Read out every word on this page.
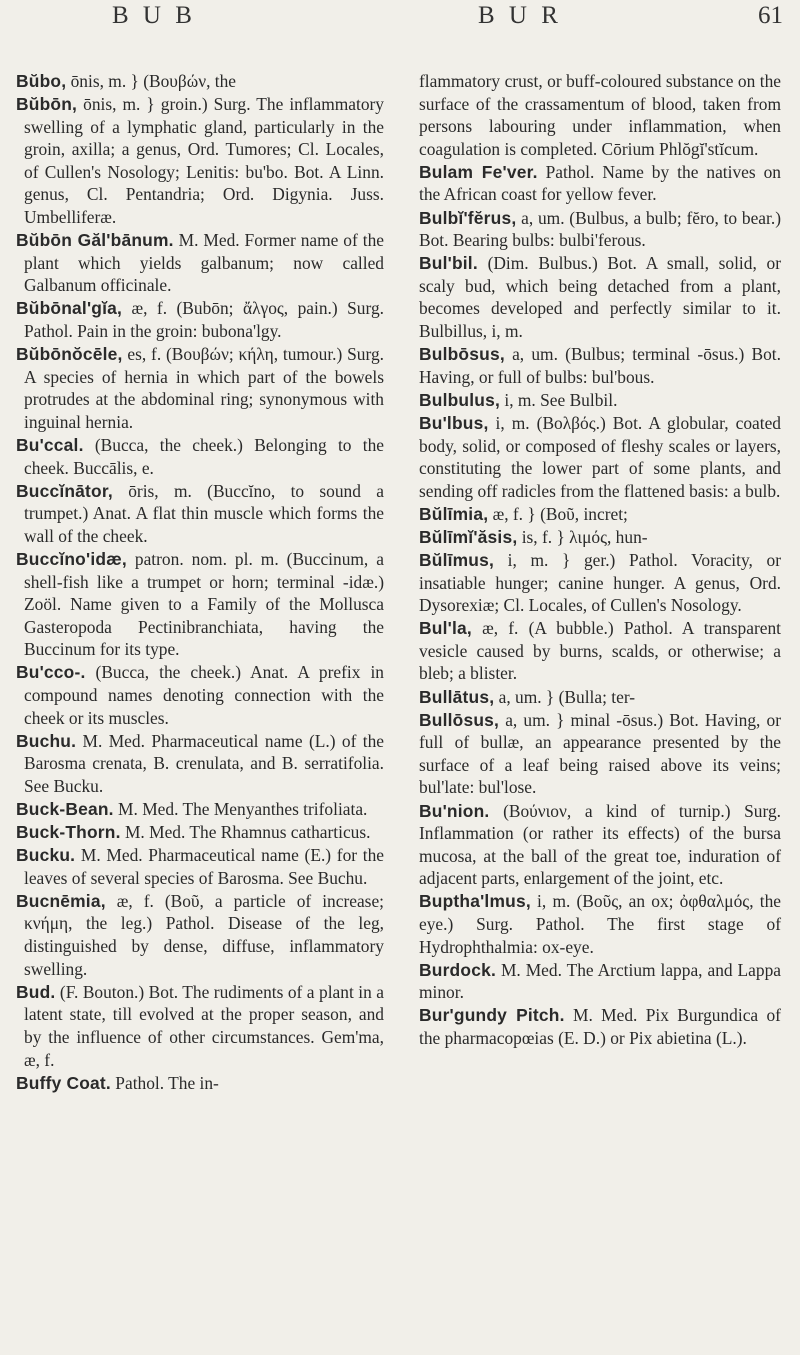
B U B	B U R	61
Bŭbo, ōnis, m. } (Βουβών, the
Bŭbōn, ōnis, m. } groin.) Surg. The inflammatory swelling of a lymphatic gland, particularly in the groin, axilla; a genus, Ord. Tumores; Cl. Locales, of Cullen's Nosology; Lenitis: bu'bo. Bot. A Linn. genus, Cl. Pentandria; Ord. Digynia. Juss. Umbelliferæ.
Bŭbōn Găl'bānum. M. Med. Former name of the plant which yields galbanum; now called Galbanum officinale.
Bŭbōnal'gĭa, æ, f. (Bubōn; ἄλγος, pain.) Surg. Pathol. Pain in the groin: bubona'lgy.
Bŭbōnŏcēle, es, f. (Βουβών; κήλη, tumour.) Surg. A species of hernia in which part of the bowels protrudes at the abdominal ring; synonymous with inguinal hernia.
Bu'ccal. (Bucca, the cheek.) Belonging to the cheek. Buccālis, e.
Buccĭnātor, ōris, m. (Buccĭno, to sound a trumpet.) Anat. A flat thin muscle which forms the wall of the cheek.
Buccĭno'idæ, patron. nom. pl. m. (Buccinum, a shell-fish like a trumpet or horn; terminal -idæ.) Zoöl. Name given to a Family of the Mollusca Gasteropoda Pectinibranchiata, having the Buccinum for its type.
Bu'cco-. (Bucca, the cheek.) Anat. A prefix in compound names denoting connection with the cheek or its muscles.
Buchu. M. Med. Pharmaceutical name (L.) of the Barosma crenata, B. crenulata, and B. serratifolia. See Bucku.
Buck-Bean. M. Med. The Menyanthes trifoliata.
Buck-Thorn. M. Med. The Rhamnus catharticus.
Bucku. M. Med. Pharmaceutical name (E.) for the leaves of several species of Barosma. See Buchu.
Bucnēmia, æ, f. (Βοῦ, a particle of increase; κνήμη, the leg.) Pathol. Disease of the leg, distinguished by dense, diffuse, inflammatory swelling.
Bud. (F. Bouton.) Bot. The rudiments of a plant in a latent state, till evolved at the proper season, and by the influence of other circumstances. Gem'ma, æ, f.
Buffy Coat. Pathol. The in-
flammatory crust, or buff-coloured substance on the surface of the crassamentum of blood, taken from persons labouring under inflammation, when coagulation is completed. Cōrium Phlŏgĭ'stĭcum.
Bulam Fe'ver. Pathol. Name by the natives on the African coast for yellow fever.
Bulbĭ'fĕrus, a, um. (Bulbus, a bulb; fĕro, to bear.) Bot. Bearing bulbs: bulbi'ferous.
Bul'bil. (Dim. Bulbus.) Bot. A small, solid, or scaly bud, which being detached from a plant, becomes developed and perfectly similar to it. Bulbillus, i, m.
Bulbōsus, a, um. (Bulbus; terminal -ōsus.) Bot. Having, or full of bulbs: bul'bous.
Bulbulus, i, m. See Bulbil.
Bu'lbus, i, m. (Βολβός.) Bot. A globular, coated body, solid, or composed of fleshy scales or layers, constituting the lower part of some plants, and sending off radicles from the flattened basis: a bulb.
Bŭlīmia, æ, f. } (Βοῦ, incret;
Bŭlīmĭ'ăsis, is, f. } λιμός, hun-
Bŭlīmus, i, m. } ger.) Pathol. Voracity, or insatiable hunger; canine hunger. A genus, Ord. Dysorexiæ; Cl. Locales, of Cullen's Nosology.
Bul'la, æ, f. (A bubble.) Pathol. A transparent vesicle caused by burns, scalds, or otherwise; a bleb; a blister.
Bullātus, a, um. } (Bulla; ter-
Bullōsus, a, um. } minal -ōsus.) Bot. Having, or full of bullæ, an appearance presented by the surface of a leaf being raised above its veins; bul'late: bul'lose.
Bu'nion. (Βούνιον, a kind of turnip.) Surg. Inflammation (or rather its effects) of the bursa mucosa, at the ball of the great toe, induration of adjacent parts, enlargement of the joint, etc.
Buptha'lmus, i, m. (Βοῦς, an ox; ὀφθαλμός, the eye.) Surg. Pathol. The first stage of Hydrophthalmia: ox-eye.
Burdock. M. Med. The Arctium lappa, and Lappa minor.
Bur'gundy Pitch. M. Med. Pix Burgundica of the pharmacopœias (E. D.) or Pix abietina (L.).
